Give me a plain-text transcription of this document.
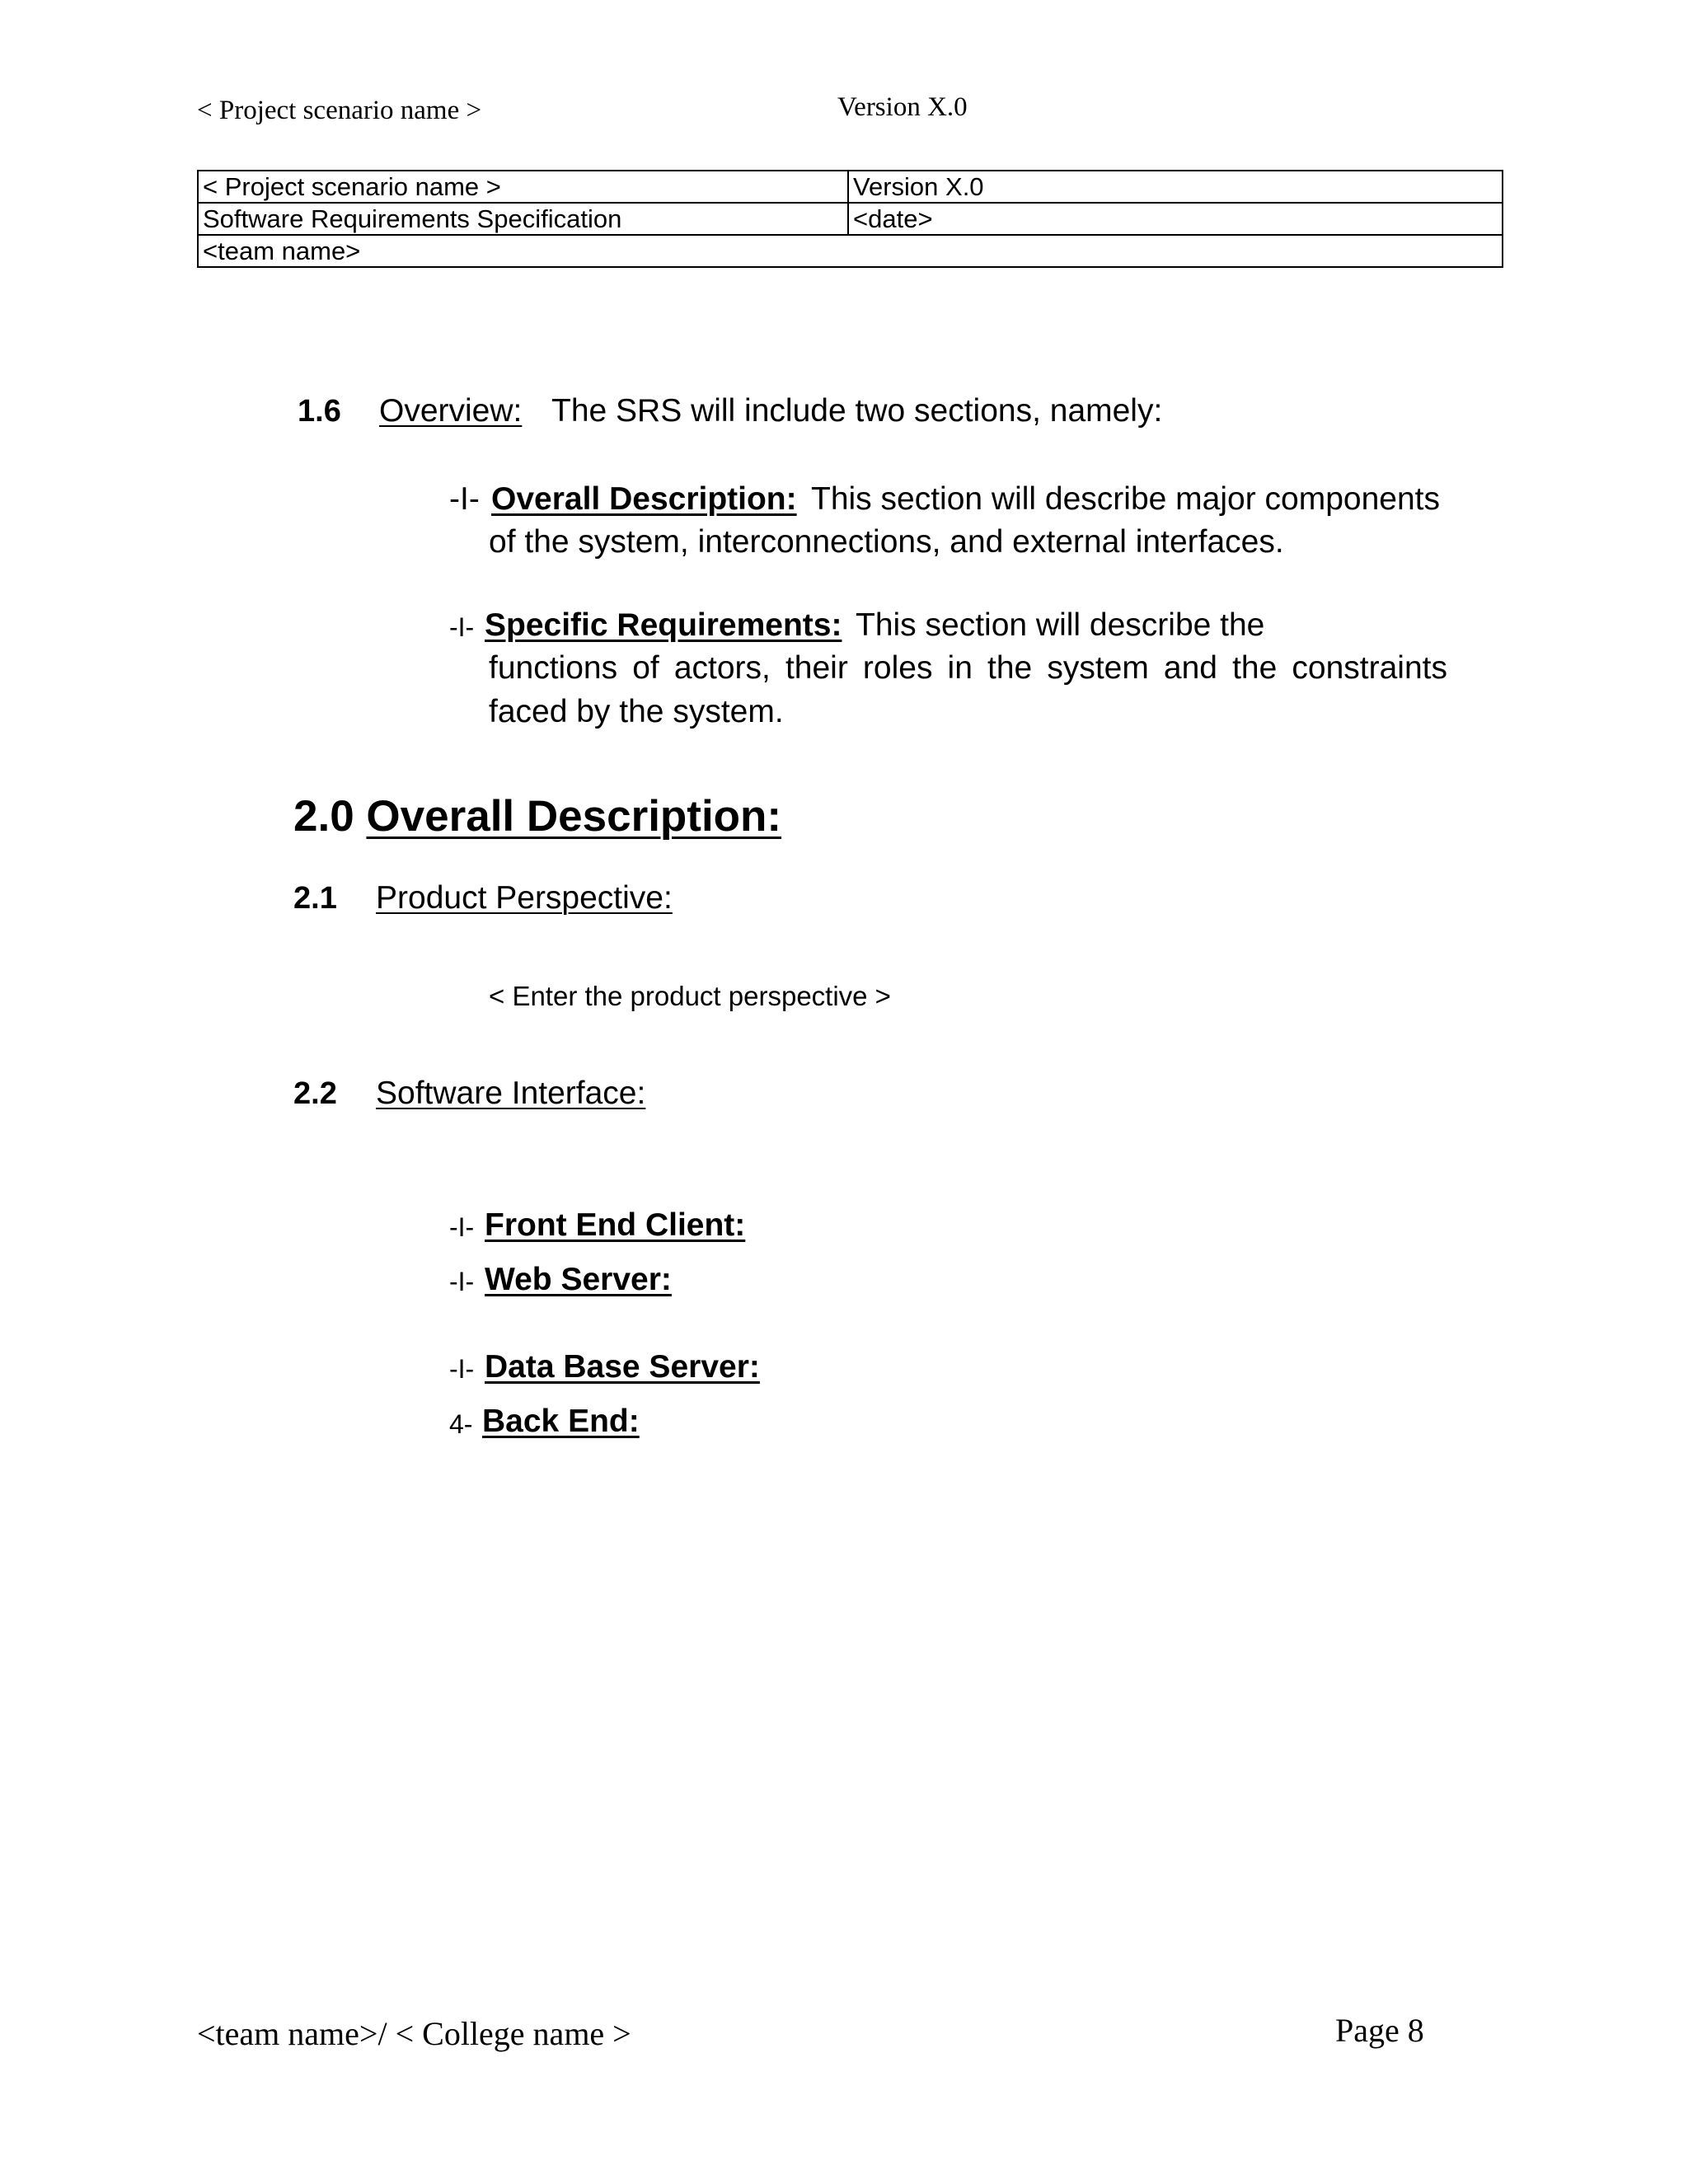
< Project scenario name >	Version X.0
< Project scenario name >	Version X.0
Software Requirements Specification	<date>
<team name>	
1.6 Overview: The SRS will include two sections, namely:
-I- Overall Description: This section will describe major components
of the system, interconnections, and external interfaces.
-I- Specific Requirements: This section will describe the
functions of actors, their roles in the system and the constraints faced by the system.
2.0 Overall Description:
2.1 Product Perspective:
< Enter the product perspective >
2.2 Software Interface:
-I- Front End Client:
-I- Web Server:
-I- Data Base Server:
4- Back End:
<team name>/ < College name >	Page 8
